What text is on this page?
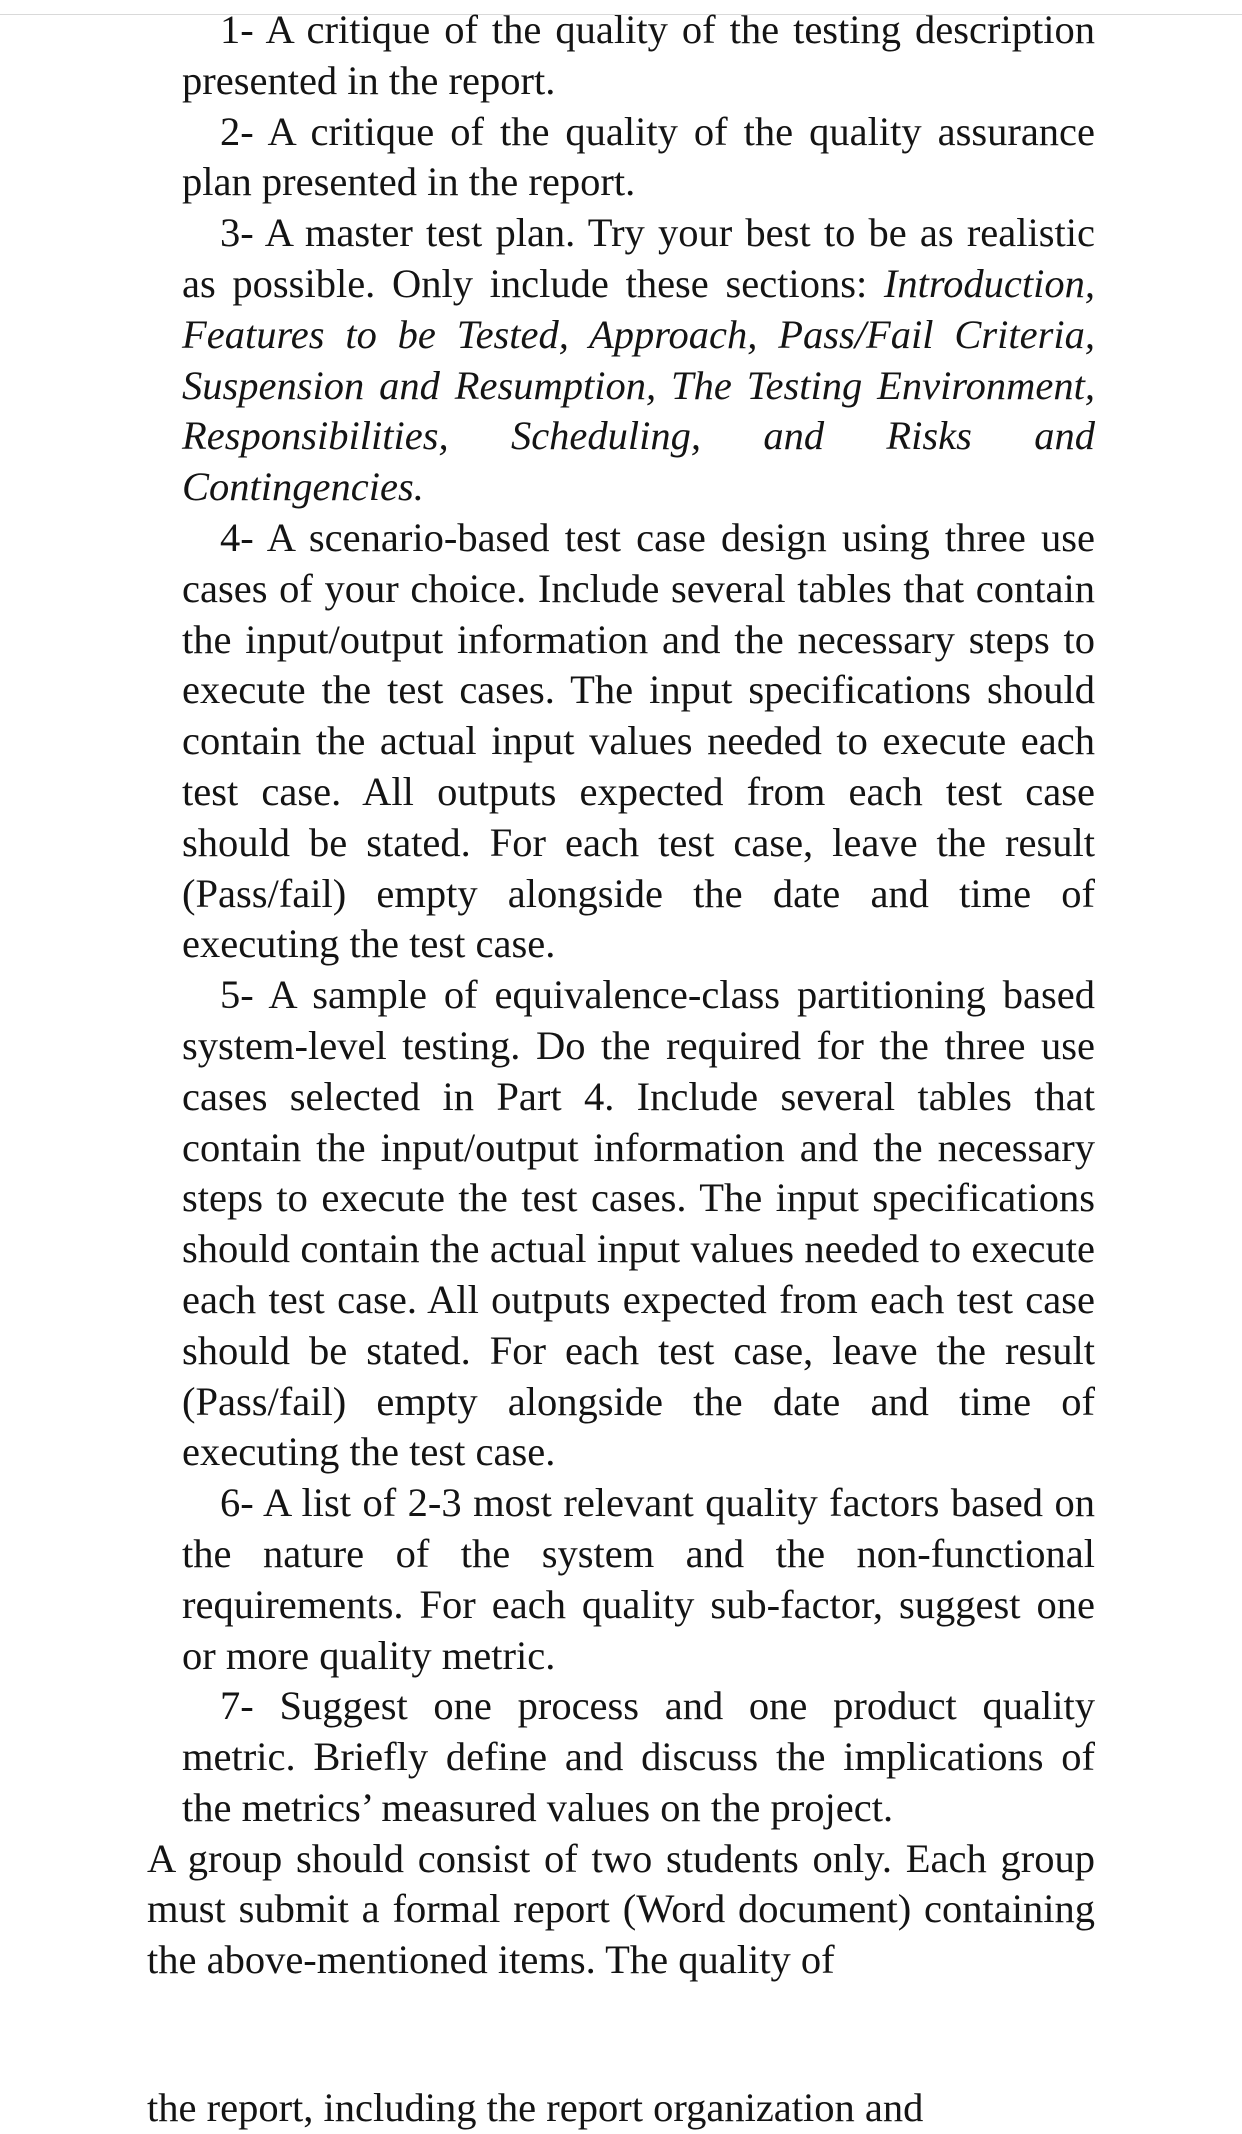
1- A critique of the quality of the testing description presented in the report.

2- A critique of the quality of the quality assurance plan presented in the report.

3- A master test plan. Try your best to be as realistic as possible. Only include these sections: Introduction, Features to be Tested, Approach, Pass/Fail Criteria, Suspension and Resumption, The Testing Environment, Responsibilities, Scheduling, and Risks and Contingencies.

4- A scenario-based test case design using three use cases of your choice. Include several tables that contain the input/output information and the necessary steps to execute the test cases. The input specifications should contain the actual input values needed to execute each test case. All outputs expected from each test case should be stated. For each test case, leave the result (Pass/fail) empty alongside the date and time of executing the test case.

5- A sample of equivalence-class partitioning based system-level testing. Do the required for the three use cases selected in Part 4. Include several tables that contain the input/output information and the necessary steps to execute the test cases. The input specifications should contain the actual input values needed to execute each test case. All outputs expected from each test case should be stated. For each test case, leave the result (Pass/fail) empty alongside the date and time of executing the test case.

6- A list of 2-3 most relevant quality factors based on the nature of the system and the non-functional requirements. For each quality sub-factor, suggest one or more quality metric.

7- Suggest one process and one product quality metric. Briefly define and discuss the implications of the metrics’ measured values on the project.

A group should consist of two students only. Each group must submit a formal report (Word document) containing the above-mentioned items. The quality of

the report, including the report organization and
